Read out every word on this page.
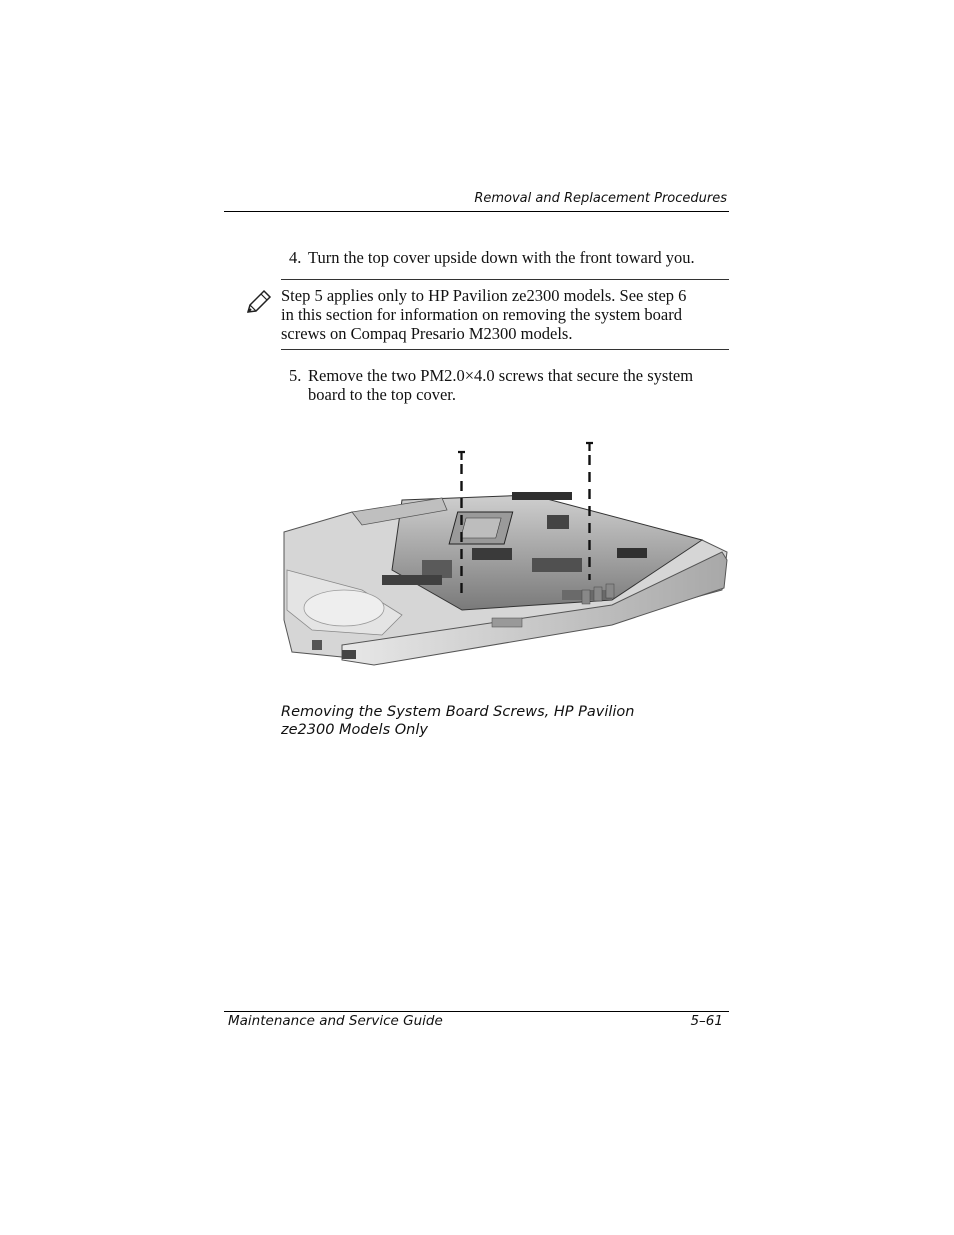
Removal and Replacement Procedures
4. Turn the top cover upside down with the front toward you.
Step 5 applies only to HP Pavilion ze2300 models. See step 6
in this section for information on removing the system board
screws on Compaq Presario M2300 models.
5. Remove the two PM2.0×4.0 screws that secure the system
board to the top cover.
Removing the System Board Screws, HP Pavilion
ze2300 Models Only
Maintenance and Service Guide	5–61
